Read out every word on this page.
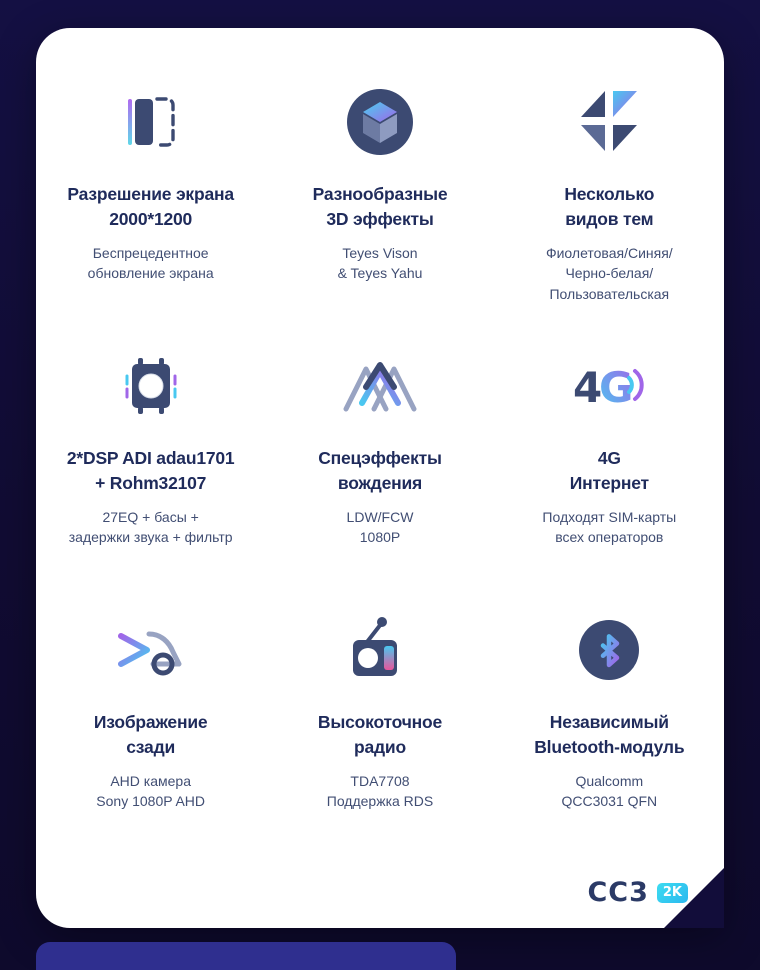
Разрешение экрана
2000*1200
Беспрецедентное
обновление экрана
Разнообразные
3D эффекты
Teyes Vison
& Teyes Yahu
Несколько
видов тем
Фиолетовая/Синяя/
Черно-белая/
Пользовательская
2*DSP ADI adau1701
+ Rohm32107
27EQ + басы +
задержки звука + фильтр
Спецэффекты
вождения
LDW/FCW
1080P
4
G
4G
Интернет
Подходят SIM-карты
всех операторов
Изображение
сзади
AHD камера
Sony 1080P AHD
Высокоточное
радио
TDA7708
Поддержка RDS
Независимый
Bluetooth-модуль
Qualcomm
QCC3031 QFN
CC3	2K
